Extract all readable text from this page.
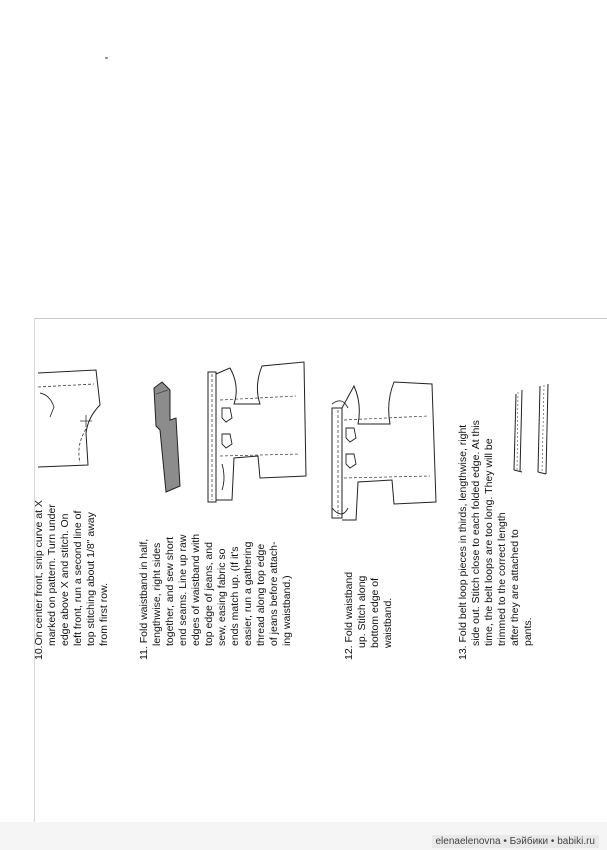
10.On center front, snip curve at X marked on pattern. Turn under edge above X and stitch. On left front, run a second line of top stitching about 1/8" away from first row.	11. Fold waistband in half, lengthwise, right sides together, and sew short end seams. Line up raw edges of waistband with top edge of jeans, and sew, easing fabric so ends match up. (If it's easier, run a gathering thread along top edge of jeans before attach- ing waistband.)	12. Fold waistband up. Stitch along bottom edge of waistband.	13. Fold belt loop pieces in thirds, lengthwise, right side out. Stitch close to each folded edge. At this time, the belt loops are too long. They will be trimmed to the correct length after they are attached to pants.
elenaelenovna • Бэйбики • babiki.ru
